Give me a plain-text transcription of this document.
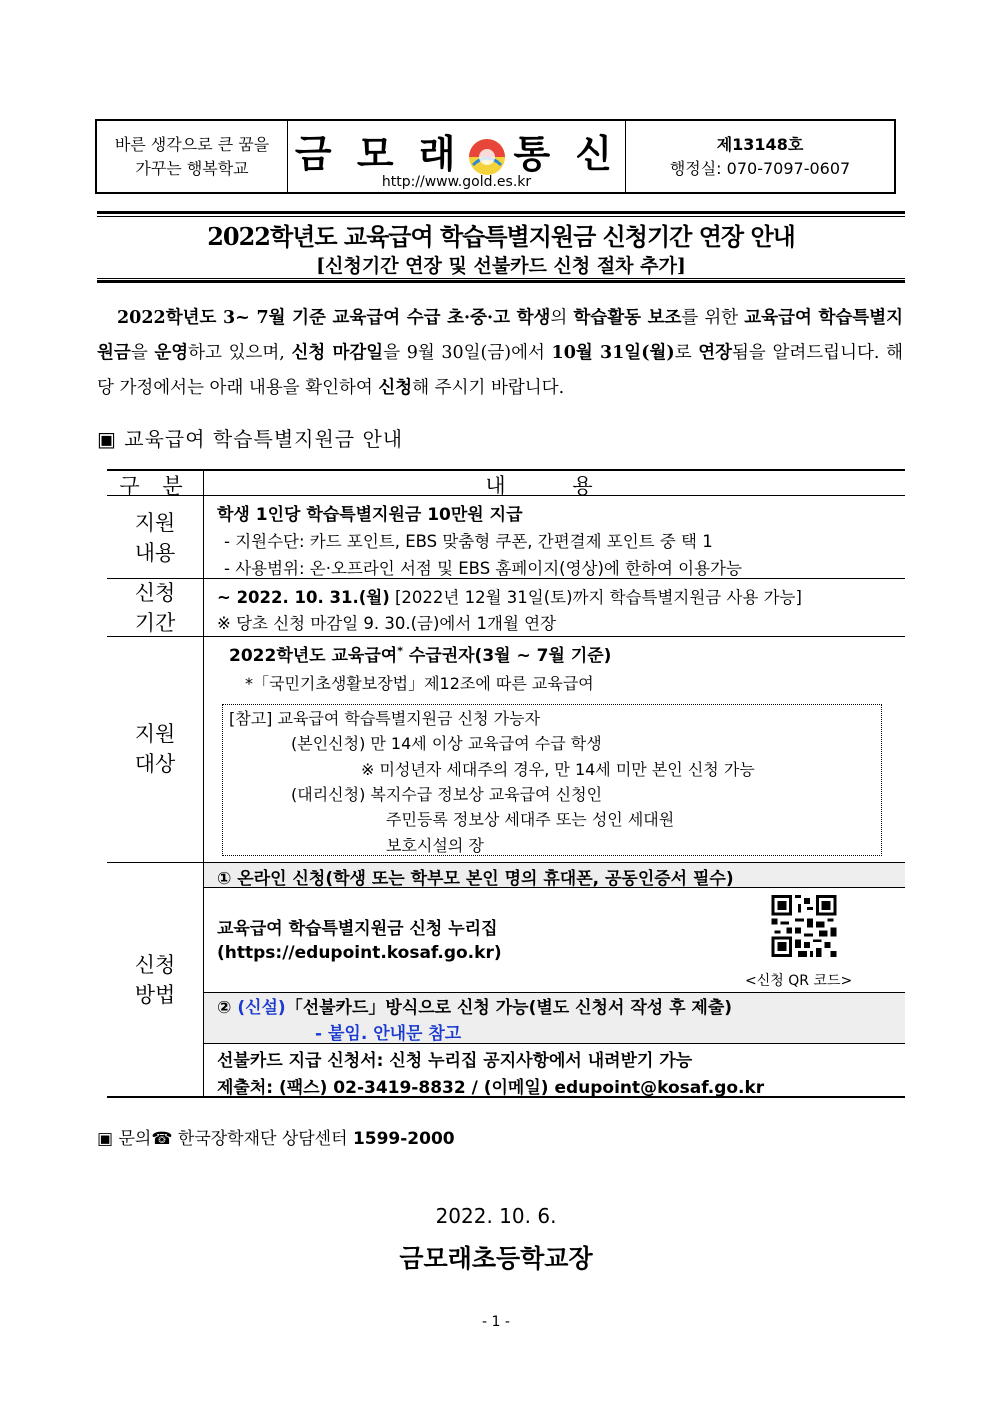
바른 생각으로 큰 꿈을
가꾸는 행복학교 금 모 래 통 신
http://www.gold.es.kr
제13148호
행정실: 070-7097-0607
2022학년도 교육급여 학습특별지원금 신청기간 연장 안내
[신청기간 연장 및 선불카드 신청 절차 추가]
2022학년도 3~ 7월 기준 교육급여 수급 초·중·고 학생의 학습활동 보조를 위한 교육급여 학습특별지원금을 운영하고 있으며, 신청 마감일을 9월 30일(금)에서 10월 31일(월)로 연장됨을 알려드립니다. 해당 가정에서는 아래 내용을 확인하여 신청해 주시기 바랍니다.
▣ 교육급여 학습특별지원금 안내
구 분	내 용
지원
내용
학생 1인당 학습특별지원금 10만원 지급
- 지원수단: 카드 포인트, EBS 맞춤형 쿠폰, 간편결제 포인트 중 택 1
- 사용범위: 온·오프라인 서점 및 EBS 홈페이지(영상)에 한하여 이용가능
신청
기간
~ 2022. 10. 31.(월) [2022년 12월 31일(토)까지 학습특별지원금 사용 가능]
※ 당초 신청 마감일 9. 30.(금)에서 1개월 연장
지원
대상
2022학년도 교육급여* 수급권자(3월 ~ 7월 기준)
*「국민기초생활보장법」제12조에 따른 교육급여
[참고] 교육급여 학습특별지원금 신청 가능자
(본인신청) 만 14세 이상 교육급여 수급 학생
※ 미성년자 세대주의 경우, 만 14세 미만 본인 신청 가능
(대리신청) 복지수급 정보상 교육급여 신청인
주민등록 정보상 세대주 또는 성인 세대원
보호시설의 장
신청
방법
① 온라인 신청(학생 또는 학부모 본인 명의 휴대폰, 공동인증서 필수)
교육급여 학습특별지원금 신청 누리집
(https://edupoint.kosaf.go.kr)
<신청 QR 코드>
② (신설)「선불카드」방식으로 신청 가능(별도 신청서 작성 후 제출)
- 붙임. 안내문 참고
선불카드 지급 신청서: 신청 누리집 공지사항에서 내려받기 가능
제출처: (팩스) 02-3419-8832 / (이메일) edupoint@kosaf.go.kr
▣ 문의☎ 한국장학재단 상담센터 1599-2000
2022. 10. 6.
금모래초등학교장
- 1 -
